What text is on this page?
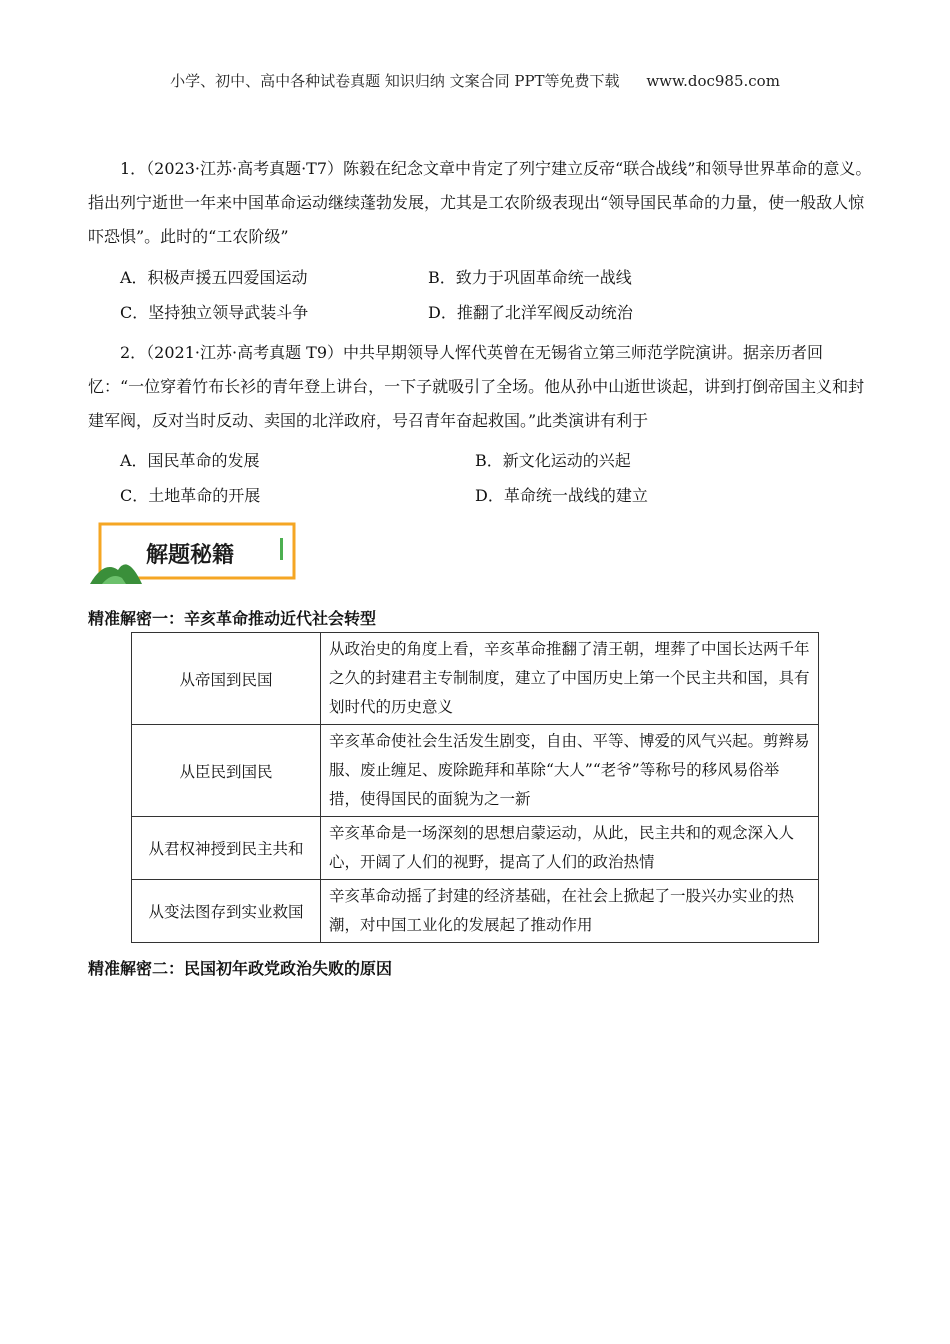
小学、初中、高中各种试卷真题 知识归纳 文案合同 PPT等免费下载 www.doc985.com
1．（2023·江苏·高考真题·T7）陈毅在纪念文章中肯定了列宁建立反帝“联合战线”和领导世界革命的意义。指出列宁逝世一年来中国革命运动继续蓬勃发展，尤其是工农阶级表现出“领导国民革命的力量，使一般敌人惊吓恐惧”。此时的“工农阶级”
A．积极声援五四爱国运动	B．致力于巩固革命统一战线
C．坚持独立领导武装斗争	D．推翻了北洋军阀反动统治
2．（2021·江苏·高考真题 T9）中共早期领导人恽代英曾在无锡省立第三师范学院演讲。据亲历者回忆：“一位穿着竹布长衫的青年登上讲台，一下子就吸引了全场。他从孙中山逝世谈起，讲到打倒帝国主义和封建军阀，反对当时反动、卖国的北洋政府，号召青年奋起救国。”此类演讲有利于
A．国民革命的发展	B．新文化运动的兴起
C．土地革命的开展	D．革命统一战线的建立
解题秘籍
精准解密一：辛亥革命推动近代社会转型
从帝国到民国	从政治史的角度上看，辛亥革命推翻了清王朝，埋葬了中国长达两千年之久的封建君主专制制度，建立了中国历史上第一个民主共和国，具有划时代的历史意义
从臣民到国民	辛亥革命使社会生活发生剧变，自由、平等、博爱的风气兴起。剪辫易服、废止缠足、废除跪拜和革除“大人”“老爷”等称号的移风易俗举措，使得国民的面貌为之一新
从君权神授到民主共和	辛亥革命是一场深刻的思想启蒙运动，从此，民主共和的观念深入人心，开阔了人们的视野，提高了人们的政治热情
从变法图存到实业救国	辛亥革命动摇了封建的经济基础，在社会上掀起了一股兴办实业的热潮，对中国工业化的发展起了推动作用
精准解密二：民国初年政党政治失败的原因
